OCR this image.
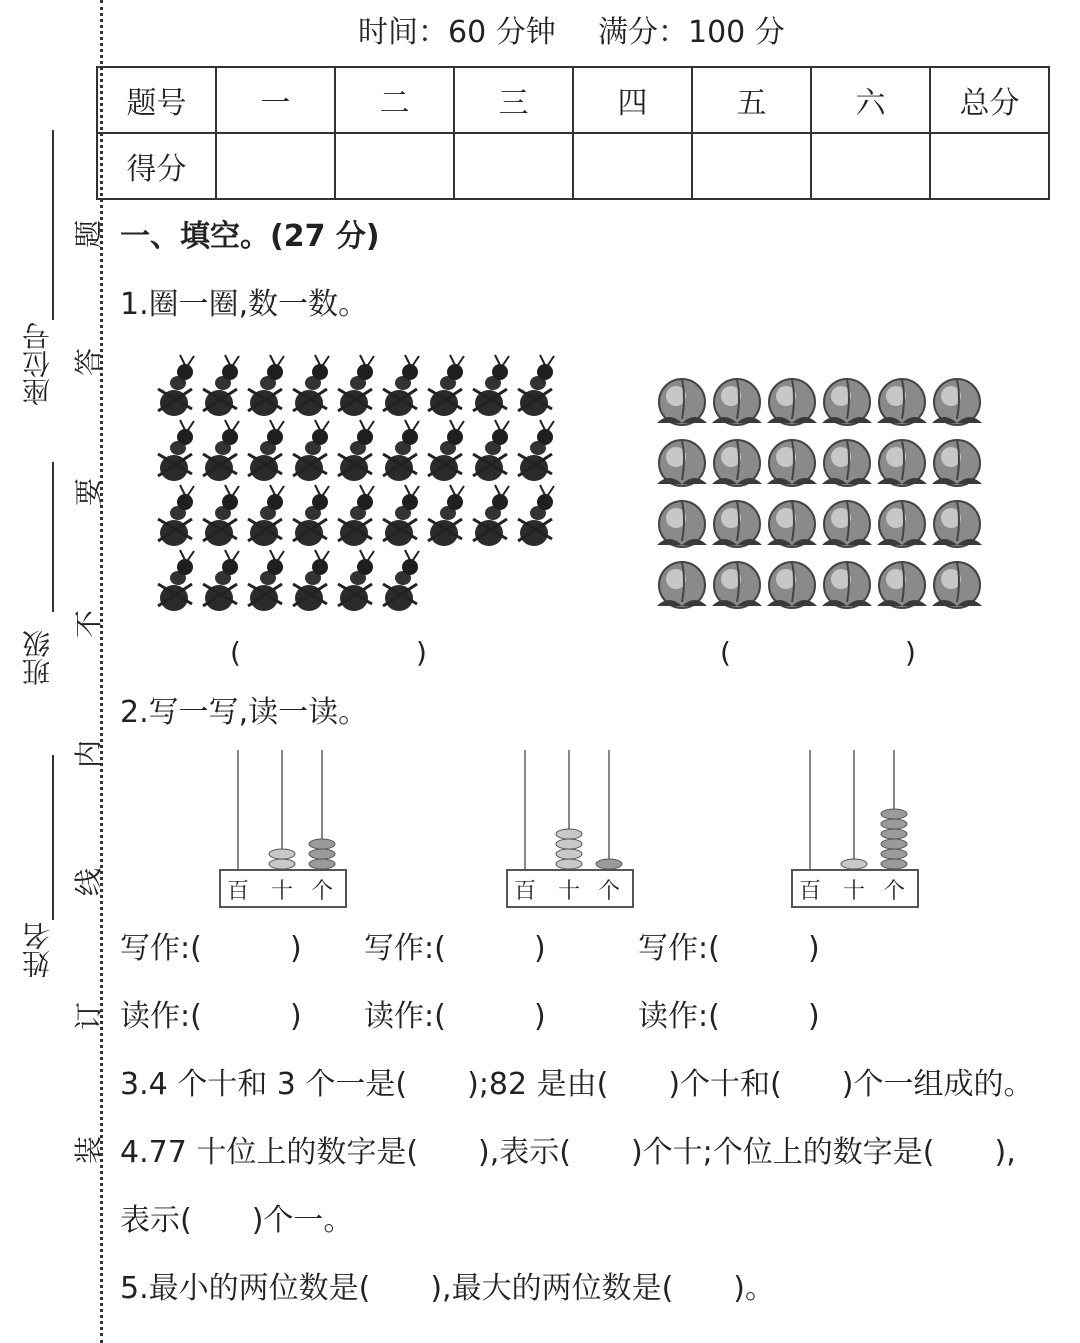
座位号
班级
姓名
题
答
要
不
内
线
订
装
时间：60 分钟 满分：100 分
题号	一	二	三	四	五	六	总分
得分							
一、填空。(27 分)
1.圈一圈,数一数。
(	)	(	)
2.写一写,读一读。
百 十 个	百 十 个	百 十 个
写作:(	) 写作:(	)	写作:(	)
读作:(	) 读作:(	)	读作:(	)
3.4 个十和 3 个一是(　　);82 是由(　　)个十和(　　)个一组成的。
4.77 十位上的数字是(　　),表示(　　)个十;个位上的数字是(　　),
表示(　　)个一。
5.最小的两位数是(　　),最大的两位数是(　　)。
